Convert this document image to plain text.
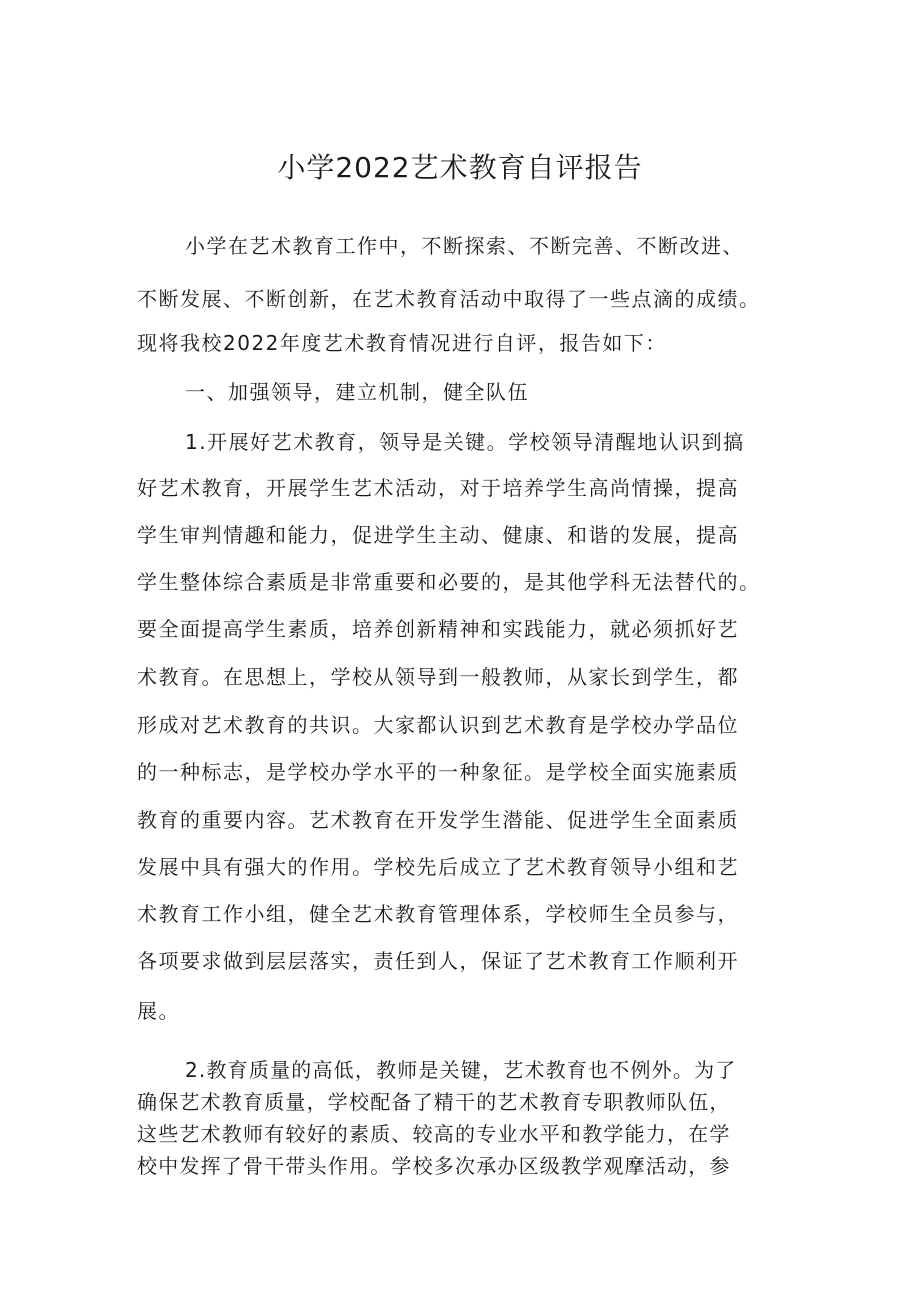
小学2022艺术教育自评报告
小学在艺术教育工作中，不断探索、不断完善、不断改进、
不断发展、不断创新，在艺术教育活动中取得了一些点滴的成绩。
现将我校2022年度艺术教育情况进行自评，报告如下：
一、加强领导，建立机制，健全队伍
1.开展好艺术教育，领导是关键。学校领导清醒地认识到搞
好艺术教育，开展学生艺术活动，对于培养学生高尚情操，提高
学生审判情趣和能力，促进学生主动、健康、和谐的发展，提高
学生整体综合素质是非常重要和必要的，是其他学科无法替代的。
要全面提高学生素质，培养创新精神和实践能力，就必须抓好艺
术教育。在思想上，学校从领导到一般教师，从家长到学生，都
形成对艺术教育的共识。大家都认识到艺术教育是学校办学品位
的一种标志，是学校办学水平的一种象征。是学校全面实施素质
教育的重要内容。艺术教育在开发学生潜能、促进学生全面素质
发展中具有强大的作用。学校先后成立了艺术教育领导小组和艺
术教育工作小组，健全艺术教育管理体系，学校师生全员参与，
各项要求做到层层落实，责任到人，保证了艺术教育工作顺利开
展。
2.教育质量的高低，教师是关键，艺术教育也不例外。为了
确保艺术教育质量，学校配备了精干的艺术教育专职教师队伍，
这些艺术教师有较好的素质、较高的专业水平和教学能力，在学
校中发挥了骨干带头作用。学校多次承办区级教学观摩活动，参
